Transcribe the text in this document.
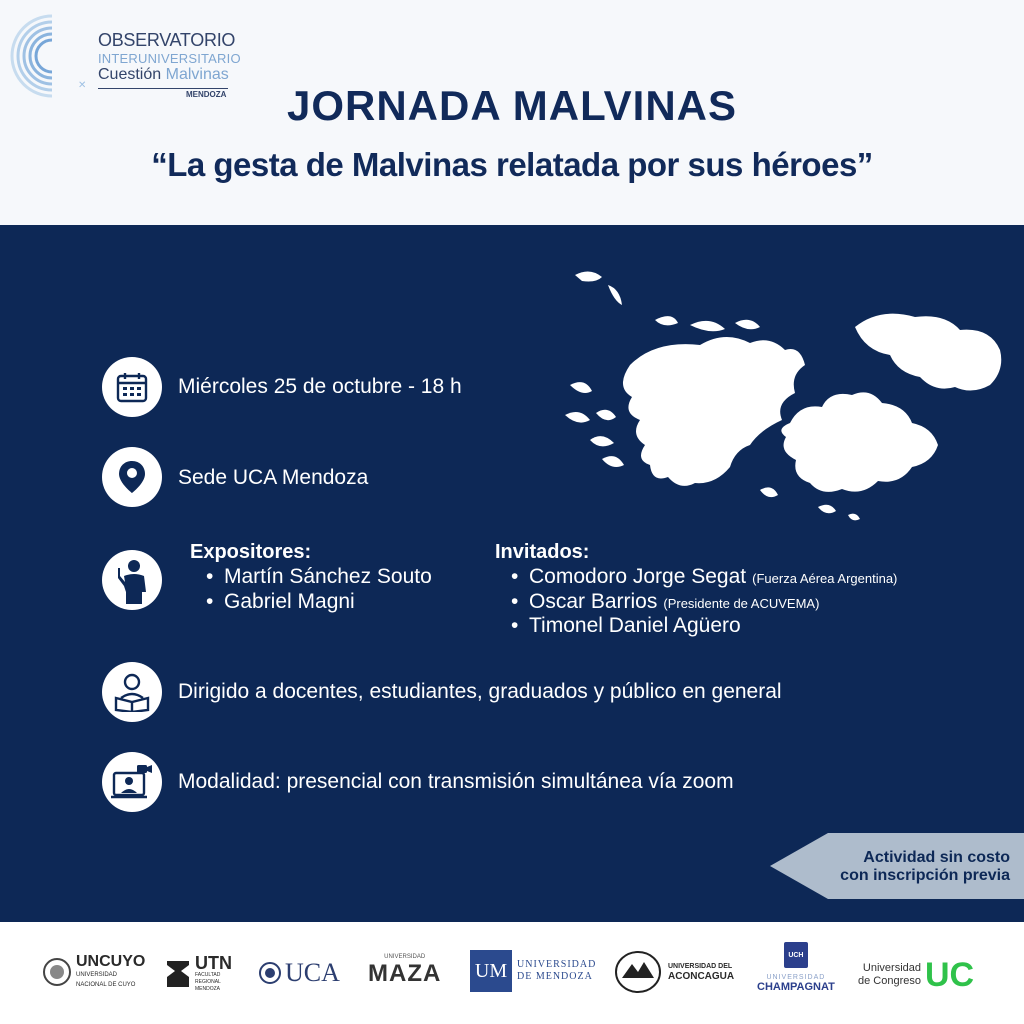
✕
OBSERVATORIO
INTERUNIVERSITARIO
Cuestión Malvinas
MENDOZA	JORNADA MALVINAS
“La gesta de Malvinas relatada por sus héroes”
Miércoles 25 de octubre - 18 h
Sede UCA Mendoza
Expositores:
• Martín Sánchez Souto
• Gabriel Magni
Invitados:
• Comodoro Jorge Segat (Fuerza Aérea Argentina)
• Oscar Barrios (Presidente de ACUVEMA)
• Timonel Daniel Agüero
Dirigido a docentes, estudiantes, graduados y público en general
Modalidad: presencial con transmisión simultánea vía zoom
Actividad sin costo
con inscripción previa
UNCUYO
UNIVERSIDAD
NACIONAL DE CUYO
UTN
FACULTAD
REGIONAL
MENDOZA
UCA
UNIVERSIDAD
MAZA UM UNIVERSIDAD
DE MENDOZA
UNIVERSIDAD DEL
ACONCAGUA
UCH
UNIVERSIDAD
CHAMPAGNAT
Universidad
de Congreso UC
